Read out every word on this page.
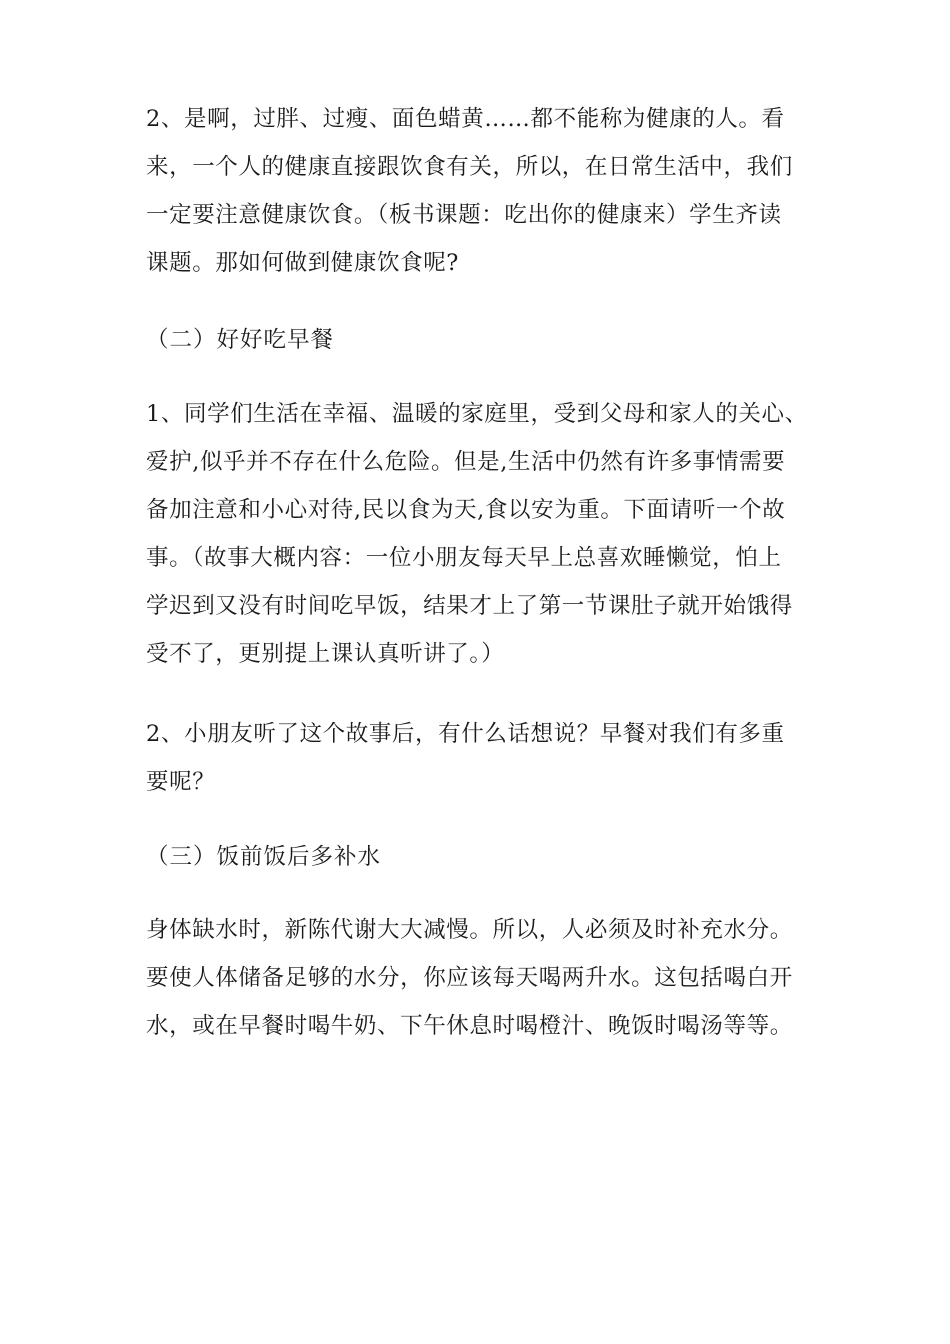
2、是啊，过胖、过瘦、面色蜡黄……都不能称为健康的人。看
来，一个人的健康直接跟饮食有关，所以，在日常生活中，我们
一定要注意健康饮食。（板书课题：吃出你的健康来）学生齐读
课题。那如何做到健康饮食呢?
（二）好好吃早餐
1、同学们生活在幸福、温暖的家庭里，受到父母和家人的关心、
爱护,似乎并不存在什么危险。但是,生活中仍然有许多事情需要
备加注意和小心对待,民以食为天,食以安为重。下面请听一个故
事。（故事大概内容：一位小朋友每天早上总喜欢睡懒觉，怕上
学迟到又没有时间吃早饭，结果才上了第一节课肚子就开始饿得
受不了，更别提上课认真听讲了。）
2、小朋友听了这个故事后，有什么话想说？早餐对我们有多重
要呢？
（三）饭前饭后多补水
身体缺水时，新陈代谢大大减慢。所以，人必须及时补充水分。
要使人体储备足够的水分，你应该每天喝两升水。这包括喝白开
水，或在早餐时喝牛奶、下午休息时喝橙汁、晚饭时喝汤等等。
